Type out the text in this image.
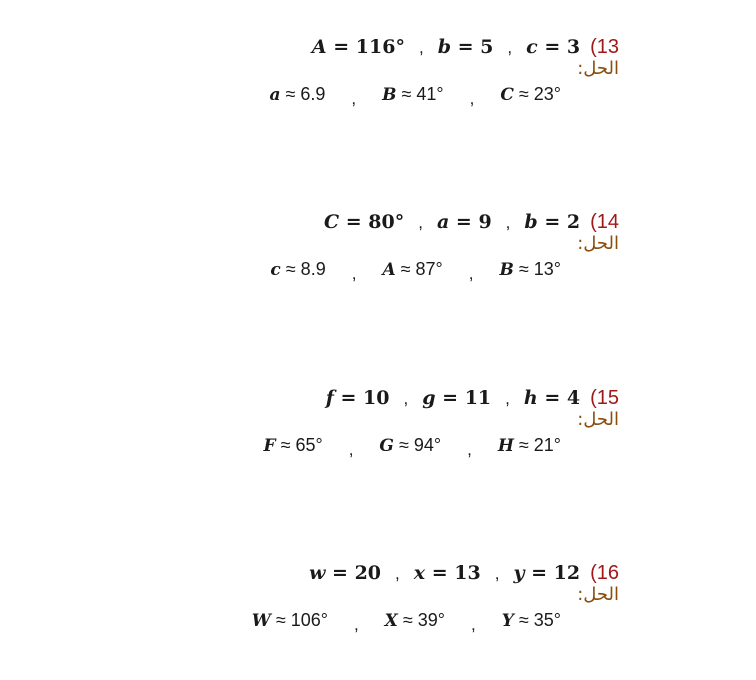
A = 116° , b = 5 , c = 3 (13
الحل:
a ≈ 6.9 , B ≈ 41° , C ≈ 23°
C = 80° , a = 9 , b = 2 (14
الحل:
c ≈ 8.9 , A ≈ 87° , B ≈ 13°
f = 10 , g = 11 , h = 4 (15
الحل:
F ≈ 65° , G ≈ 94° , H ≈ 21°
w = 20 , x = 13 , y = 12 (16
الحل:
W ≈ 106° , X ≈ 39° , Y ≈ 35°
